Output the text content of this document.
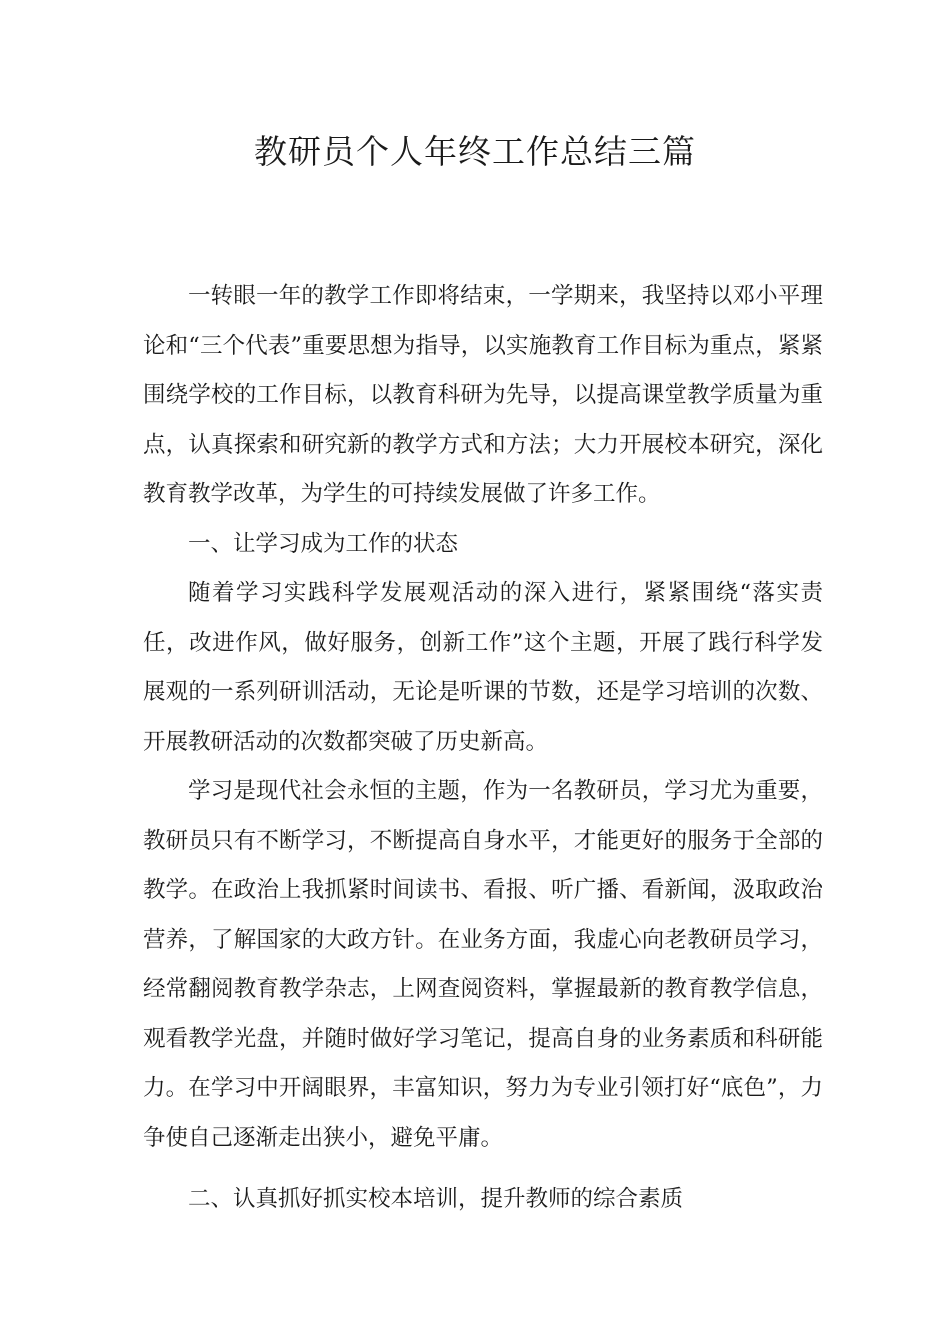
教研员个人年终工作总结三篇

一转眼一年的教学工作即将结束，一学期来，我坚持以邓小平理论和“三个代表”重要思想为指导，以实施教育工作目标为重点，紧紧围绕学校的工作目标，以教育科研为先导，以提高课堂教学质量为重点，认真探索和研究新的教学方式和方法；大力开展校本研究，深化教育教学改革，为学生的可持续发展做了许多工作。

一、让学习成为工作的状态

随着学习实践科学发展观活动的深入进行，紧紧围绕“落实责任，改进作风，做好服务，创新工作”这个主题，开展了践行科学发展观的一系列研训活动，无论是听课的节数，还是学习培训的次数、开展教研活动的次数都突破了历史新高。

学习是现代社会永恒的主题，作为一名教研员，学习尤为重要，教研员只有不断学习，不断提高自身水平，才能更好的服务于全部的教学。在政治上我抓紧时间读书、看报、听广播、看新闻，汲取政治营养，了解国家的大政方针。在业务方面，我虚心向老教研员学习，经常翻阅教育教学杂志，上网查阅资料，掌握最新的教育教学信息，观看教学光盘，并随时做好学习笔记，提高自身的业务素质和科研能力。在学习中开阔眼界，丰富知识，努力为专业引领打好“底色”，力争使自己逐渐走出狭小，避免平庸。

二、认真抓好抓实校本培训，提升教师的综合素质
